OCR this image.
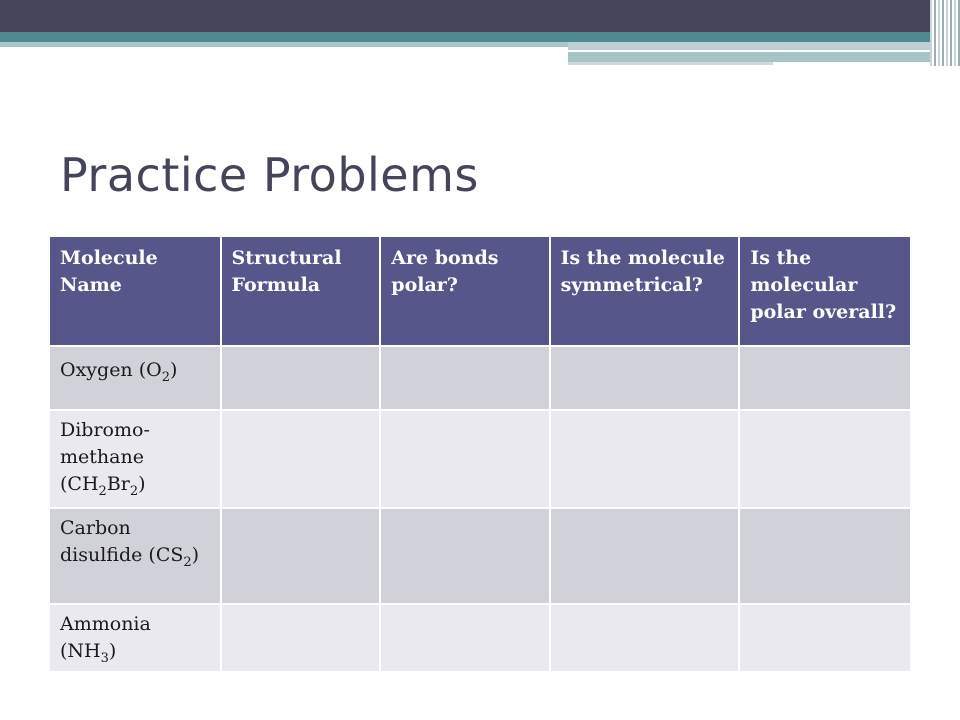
Practice Problems
Molecule Name	Structural Formula	Are bonds polar?	Is the molecule symmetrical?	Is the molecular polar overall?
Oxygen $(O_2)$				
Dibromo-methane $(CH_2Br_2)$				
Carbon disulfide $(CS_2)$				
Ammonia $(NH_3)$				
